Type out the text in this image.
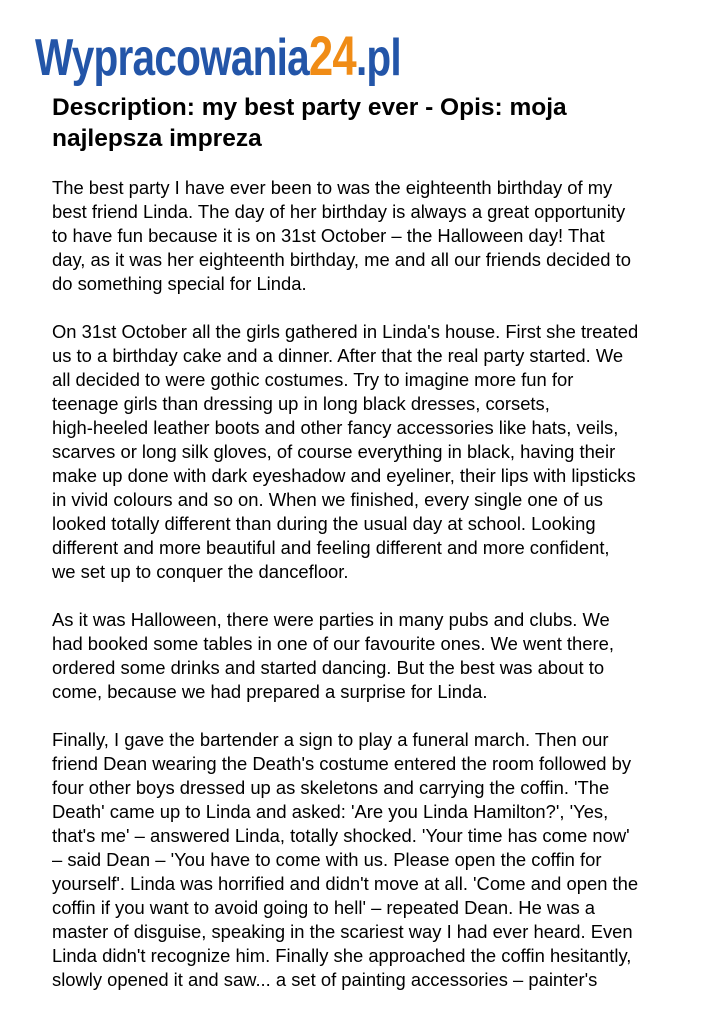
Wypracowania 24 .pl
Description: my best party ever - Opis: moja
najlepsza impreza

The best party I have ever been to was the eighteenth birthday of my
best friend Linda. The day of her birthday is always a great opportunity
to have fun because it is on 31st October – the Halloween day! That
day, as it was her eighteenth birthday, me and all our friends decided to
do something special for Linda.

On 31st October all the girls gathered in Linda's house. First she treated
us to a birthday cake and a dinner. After that the real party started. We
all decided to were gothic costumes. Try to imagine more fun for
teenage girls than dressing up in long black dresses, corsets,
high-heeled leather boots and other fancy accessories like hats, veils,
scarves or long silk gloves, of course everything in black, having their
make up done with dark eyeshadow and eyeliner, their lips with lipsticks
in vivid colours and so on. When we finished, every single one of us
looked totally different than during the usual day at school. Looking
different and more beautiful and feeling different and more confident,
we set up to conquer the dancefloor.

As it was Halloween, there were parties in many pubs and clubs. We
had booked some tables in one of our favourite ones. We went there,
ordered some drinks and started dancing. But the best was about to
come, because we had prepared a surprise for Linda.

Finally, I gave the bartender a sign to play a funeral march. Then our
friend Dean wearing the Death's costume entered the room followed by
four other boys dressed up as skeletons and carrying the coffin. 'The
Death' came up to Linda and asked: 'Are you Linda Hamilton?', 'Yes,
that's me' – answered Linda, totally shocked. 'Your time has come now'
– said Dean – 'You have to come with us. Please open the coffin for
yourself'. Linda was horrified and didn't move at all. 'Come and open the
coffin if you want to avoid going to hell' – repeated Dean. He was a
master of disguise, speaking in the scariest way I had ever heard. Even
Linda didn't recognize him. Finally she approached the coffin hesitantly,
slowly opened it and saw... a set of painting accessories – painter's
